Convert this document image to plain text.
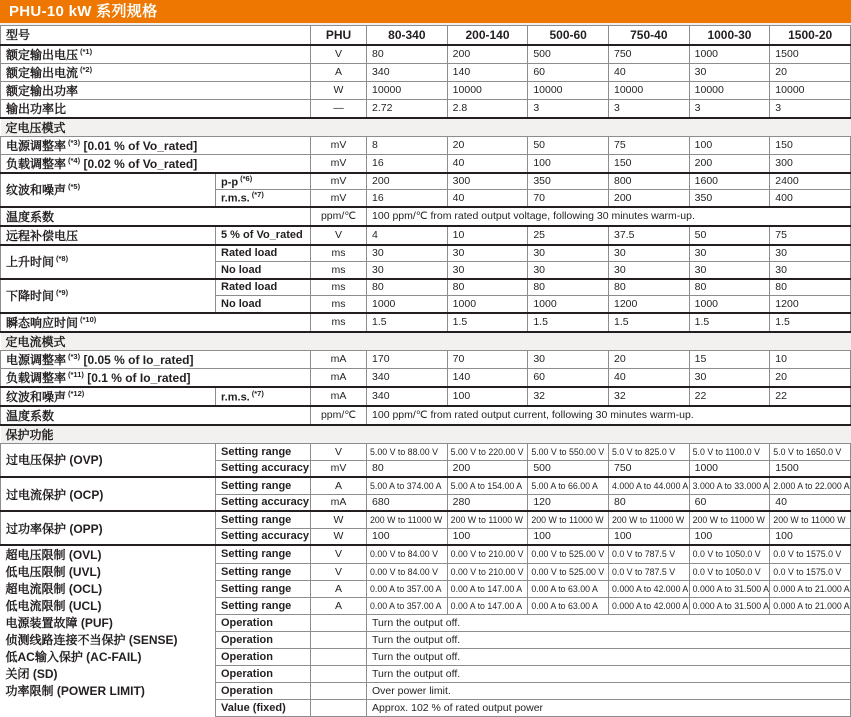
PHU-10 kW 系列规格
型号		PHU	80-340	200-140	500-60	750-40	1000-30	1500-20
额定输出电压 $^{(*1)}$		V	80	200	500	750	1000	1500
额定输出电流 $^{(*2)}$		A	340	140	60	40	30	20
额定输出功率		W	10000	10000	10000	10000	10000	10000
输出功率比		—	2.72	2.8	3	3	3	3
定电压模式								
电源调整率 $^{(*3)}$ [0.01 % of Vo_rated]		mV	8	20	50	75	100	150
负载调整率 $^{(*4)}$ [0.02 % of Vo_rated]		mV	16	40	100	150	200	300
纹波和噪声 $^{(*5)}$	p-p $^{(*6)}$	mV	200	300	350	800	1600	2400
	r.m.s. $^{(*7)}$	mV	16	40	70	200	350	400
温度系数		ppm/℃	100 ppm/℃ from rated output voltage, following 30 minutes warm-up.					
远程补偿电压	5 % of Vo_rated	V	4	10	25	37.5	50	75
上升时间 $^{(*8)}$	Rated load	ms	30	30	30	30	30	30
	No load	ms	30	30	30	30	30	30
下降时间 $^{(*9)}$	Rated load	ms	80	80	80	80	80	80
	No load	ms	1000	1000	1000	1200	1000	1200
瞬态响应时间 $^{(*10)}$		ms	1.5	1.5	1.5	1.5	1.5	1.5
定电流模式								
电源调整率 $^{(*3)}$ [0.05 % of Io_rated]		mA	170	70	30	20	15	10
负载调整率 $^{(*11)}$ [0.1 % of Io_rated]		mA	340	140	60	40	30	20
纹波和噪声 $^{(*12)}$	r.m.s. $^{(*7)}$	mA	340	100	32	32	22	22
温度系数		ppm/℃	100 ppm/℃ from rated output current, following 30 minutes warm-up.					
保护功能								
过电压保护 (OVP)	Setting range	V	5.00 V to 88.00 V	5.00 V to 220.00 V	5.00 V to 550.00 V	5.0 V to 825.0 V	5.0 V to 1100.0 V	5.0 V to 1650.0 V
	Setting accuracy	mV	80	200	500	750	1000	1500
过电流保护 (OCP)	Setting range	A	5.00 A to 374.00 A	5.00 A to 154.00 A	5.00 A to 66.00 A	4.000 A to 44.000 A	3.000 A to 33.000 A	2.000 A to 22.000 A
	Setting accuracy	mA	680	280	120	80	60	40
过功率保护 (OPP)	Setting range	W	200 W to 11000 W	200 W to 11000 W	200 W to 11000 W	200 W to 11000 W	200 W to 11000 W	200 W to 11000 W
	Setting accuracy	W	100	100	100	100	100	100
超电压限制 (OVL)	Setting range	V	0.00 V to 84.00 V	0.00 V to 210.00 V	0.00 V to 525.00 V	0.0 V to 787.5 V	0.0 V to 1050.0 V	0.0 V to 1575.0 V
低电压限制 (UVL)	Setting range	V	0.00 V to 84.00 V	0.00 V to 210.00 V	0.00 V to 525.00 V	0.0 V to 787.5 V	0.0 V to 1050.0 V	0.0 V to 1575.0 V
超电流限制 (OCL)	Setting range	A	0.00 A to 357.00 A	0.00 A to 147.00 A	0.00 A to 63.00 A	0.000 A to 42.000 A	0.000 A to 31.500 A	0.000 A to 21.000 A
低电流限制 (UCL)	Setting range	A	0.00 A to 357.00 A	0.00 A to 147.00 A	0.00 A to 63.00 A	0.000 A to 42.000 A	0.000 A to 31.500 A	0.000 A to 21.000 A
电源装置故障 (PUF)	Operation		Turn the output off.					
侦测线路连接不当保护 (SENSE)	Operation		Turn the output off.					
低AC输入保护 (AC-FAIL)	Operation		Turn the output off.					
关闭 (SD)	Operation		Turn the output off.					
功率限制 (POWER LIMIT)	Operation		Over power limit.					
	Value (fixed)		Approx. 102 % of rated output power					
